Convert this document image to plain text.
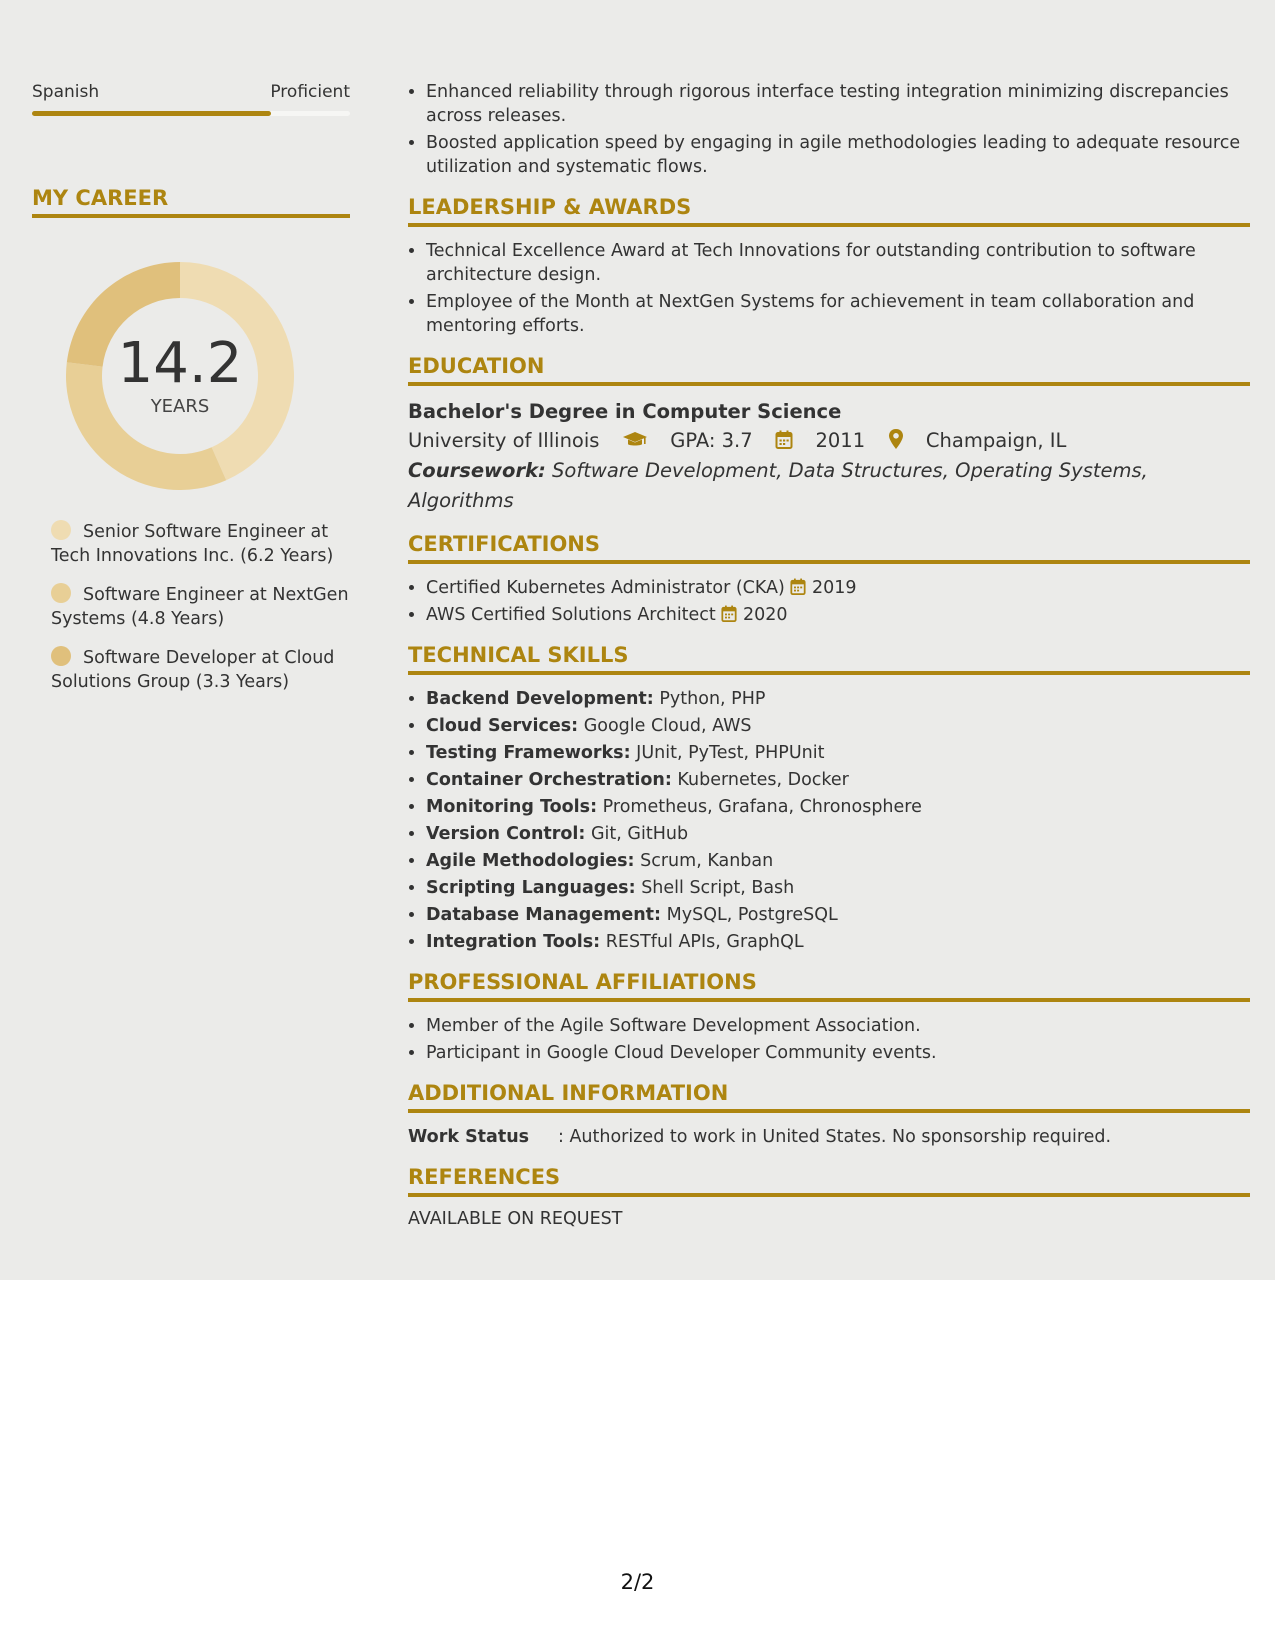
Spanish	Proficient
MY CAREER
14.2
YEARS
Senior Software Engineer at Tech Innovations Inc. (6.2 Years)
Software Engineer at NextGen Systems (4.8 Years)
Software Developer at Cloud Solutions Group (3.3 Years)
• Enhanced reliability through rigorous interface testing integration minimizing discrepancies across releases.
• Boosted application speed by engaging in agile methodologies leading to adequate resource utilization and systematic flows.
LEADERSHIP & AWARDS
• Technical Excellence Award at Tech Innovations for outstanding contribution to software architecture design.
• Employee of the Month at NextGen Systems for achievement in team collaboration and mentoring efforts.
EDUCATION
Bachelor's Degree in Computer Science
University of Illinois	GPA: 3.7	2011	Champaign, IL
Coursework: Software Development, Data Structures, Operating Systems, Algorithms
CERTIFICATIONS
• Certified Kubernetes Administrator (CKA) 2019
• AWS Certified Solutions Architect 2020
TECHNICAL SKILLS
• Backend Development: Python, PHP
• Cloud Services: Google Cloud, AWS
• Testing Frameworks: JUnit, PyTest, PHPUnit
• Container Orchestration: Kubernetes, Docker
• Monitoring Tools: Prometheus, Grafana, Chronosphere
• Version Control: Git, GitHub
• Agile Methodologies: Scrum, Kanban
• Scripting Languages: Shell Script, Bash
• Database Management: MySQL, PostgreSQL
• Integration Tools: RESTful APIs, GraphQL
PROFESSIONAL AFFILIATIONS
• Member of the Agile Software Development Association.
• Participant in Google Cloud Developer Community events.
ADDITIONAL INFORMATION
Work Status : Authorized to work in United States. No sponsorship required.
REFERENCES
AVAILABLE ON REQUEST
2/2
